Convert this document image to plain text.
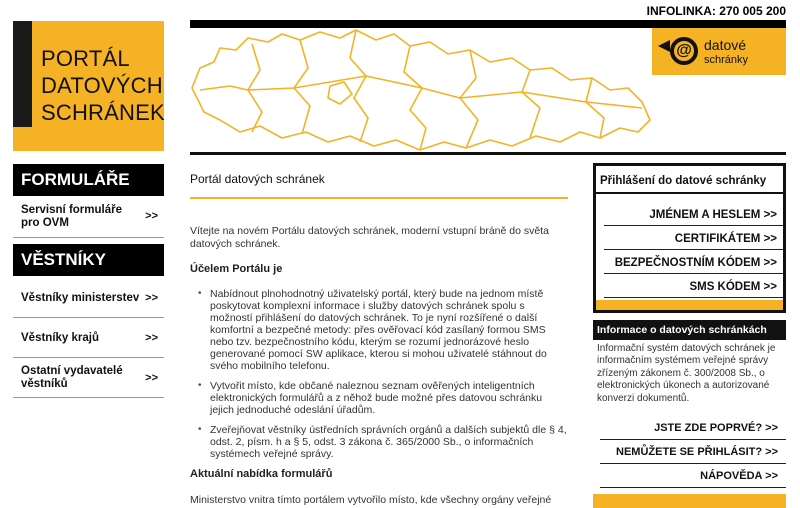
INFOLINKA: 270 005 200
PORTÁL
DATOVÝCH
SCHRÁNEK
@ datové
schránky
FORMULÁŘE
Servisní formuláře pro OVM
>>
VĚSTNÍKY
Věstníky ministerstev >>
Věstníky krajů	>>
Ostatní vydavatelé věstníků	>>
Portál datových schránek

Vítejte na novém Portálu datových schránek, moderní vstupní bráně do světa datových schránek.

Účelem Portálu je
• Nabídnout plnohodnotný uživatelský portál, který bude na jednom místě poskytovat komplexní informace i služby datových schránek spolu s možností přihlášení do datových schránek. To je nyní rozšířené o další komfortní a bezpečné metody: přes ověřovací kód zasílaný formou SMS nebo tzv. bezpečnostního kódu, kterým se rozumí jednorázové heslo generované pomocí SW aplikace, kterou si mohou uživatelé stáhnout do svého mobilního telefonu.
• Vytvořit místo, kde občané naleznou seznam ověřených inteligentních elektronických formulářů a z něhož bude možné přes datovou schránku jejich jednoduché odeslání úřadům.
• Zveřejňovat věstníky ústředních správních orgánů a dalších subjektů dle § 4, odst. 2, písm. h a § 5, odst. 3 zákona č. 365/2000 Sb., o informačních systémech veřejné správy.
Aktuální nabídka formulářů

Ministerstvo vnitra tímto portálem vytvořilo místo, kde všechny orgány veřejné

Přihlášení do datové schránky
JMÉNEM A HESLEM >>
CERTIFIKÁTEM >>
BEZPEČNOSTNÍM KÓDEM >>
SMS KÓDEM >>
Informace o datových schránkách

Informační systém datových schránek je informačním systémem veřejné správy zřízeným zákonem č. 300/2008 Sb., o elektronických úkonech a autorizované konverzi dokumentů.

JSTE ZDE POPRVÉ? >>
NEMŮŽETE SE PŘIHLÁSIT? >>
NÁPOVĚDA >>
